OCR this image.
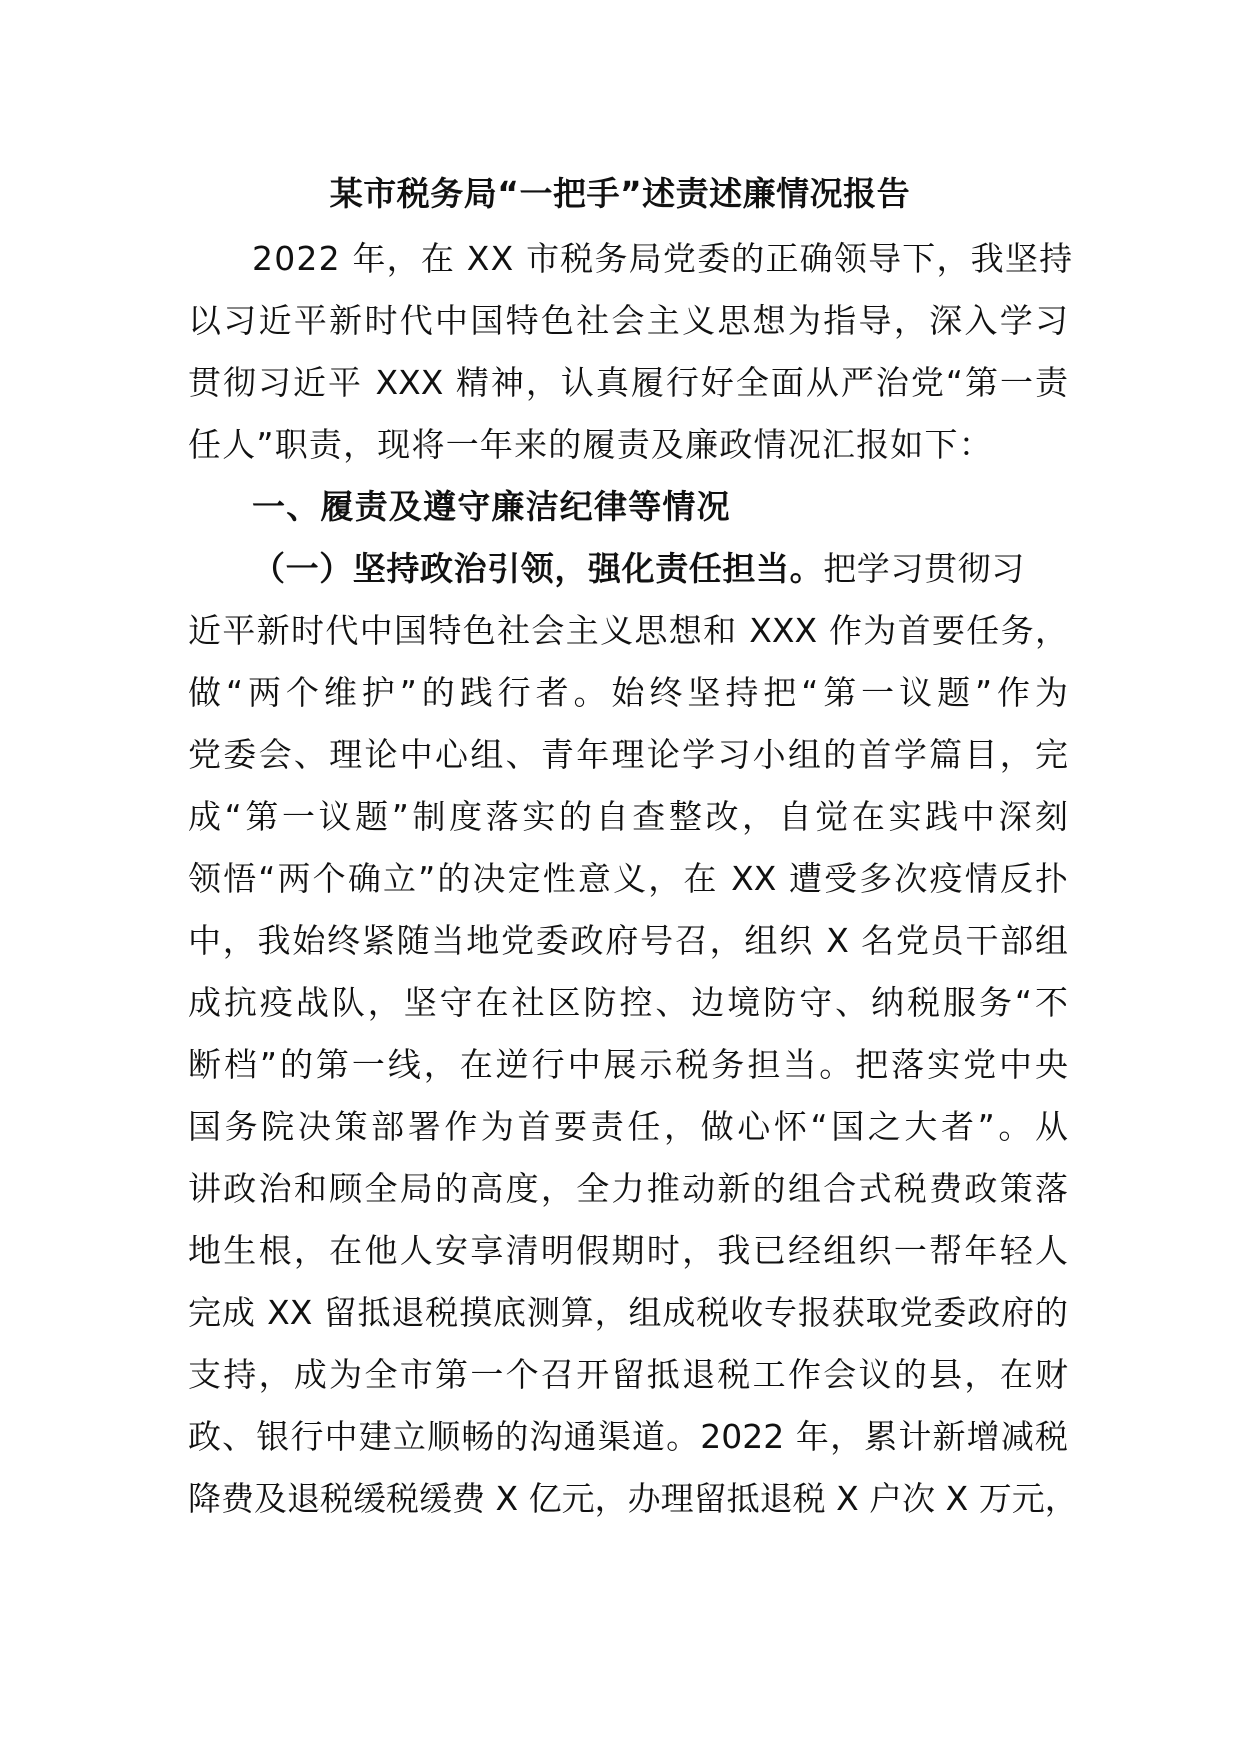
某市税务局“一把手”述责述廉情况报告
2022 年，在 XX 市税务局党委的正确领导下，我坚持
以习近平新时代中国特色社会主义思想为指导，深入学习
贯彻习近平 XXX 精神，认真履行好全面从严治党“第一责
任人”职责，现将一年来的履责及廉政情况汇报如下：
一、履责及遵守廉洁纪律等情况
（一）坚持政治引领，强化责任担当。把学习贯彻习
近平新时代中国特色社会主义思想和 XXX 作为首要任务，
做“两个维护”的践行者。始终坚持把“第一议题”作为
党委会、理论中心组、青年理论学习小组的首学篇目，完
成“第一议题”制度落实的自查整改，自觉在实践中深刻
领悟“两个确立”的决定性意义，在 XX 遭受多次疫情反扑
中，我始终紧随当地党委政府号召，组织 X 名党员干部组
成抗疫战队，坚守在社区防控、边境防守、纳税服务“不
断档”的第一线，在逆行中展示税务担当。把落实党中央
国务院决策部署作为首要责任，做心怀“国之大者”。从
讲政治和顾全局的高度，全力推动新的组合式税费政策落
地生根，在他人安享清明假期时，我已经组织一帮年轻人
完成 XX 留抵退税摸底测算，组成税收专报获取党委政府的
支持，成为全市第一个召开留抵退税工作会议的县，在财
政、银行中建立顺畅的沟通渠道。2022 年，累计新增减税
降费及退税缓税缓费 X 亿元，办理留抵退税 X 户次 X 万元，
